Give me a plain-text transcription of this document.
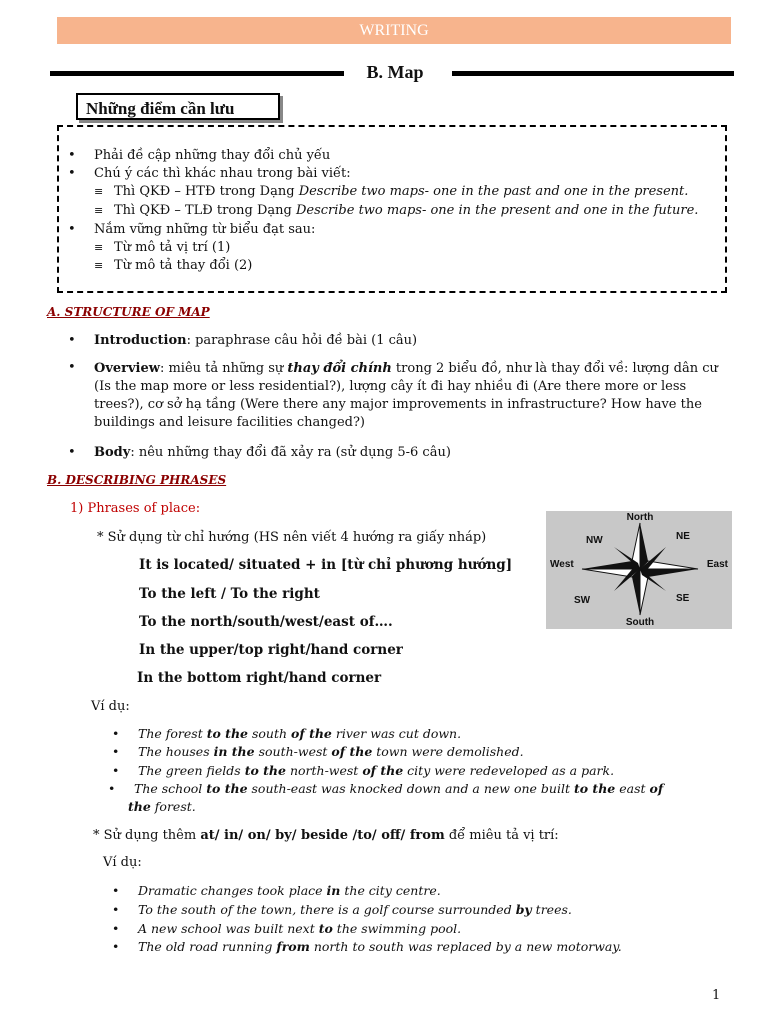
WRITING
B. Map
Những điểm cần lưu
• Phải đề cập những thay đổi chủ yếu
• Chú ý các thì khác nhau trong bài viết:
≡ Thì QKĐ – HTĐ trong Dạng Describe two maps- one in the past and one in the present.
≡ Thì QKĐ – TLĐ trong Dạng Describe two maps- one in the present and one in the future.
• Nắm vững những từ biểu đạt sau:
≡ Từ mô tả vị trí (1)
≡ Từ mô tả thay đổi (2)
A. STRUCTURE OF MAP
• Introduction: paraphrase câu hỏi đề bài (1 câu)
• Overview: miêu tả những sự thay đổi chính trong 2 biểu đồ, như là thay đổi về: lượng dân cư (Is the map more or less residential?), lượng cây ít đi hay nhiều đi (Are there more or less trees?), cơ sở hạ tầng (Were there any major improvements in infrastructure? How have the buildings and leisure facilities changed?)
• Body: nêu những thay đổi đã xảy ra (sử dụng 5-6 câu)
B. DESCRIBING PHRASES
1) Phrases of place:
* Sử dụng từ chỉ hướng (HS nên viết 4 hướng ra giấy nháp)
It is located/ situated + in [từ chỉ phương hướng]
To the left / To the right
To the north/south/west/east of….
In the upper/top right/hand corner
In the bottom right/hand corner
Ví dụ:
• The forest to the south of the river was cut down.
• The houses in the south-west of the town were demolished.
• The green fields to the north-west of the city were redeveloped as a park.
• The school to the south-east was knocked down and a new one built to the east of
the forest.
* Sử dụng thêm at/ in/ on/ by/ beside /to/ off/ from để miêu tả vị trí:
Ví dụ:
• Dramatic changes took place in the city centre.
• To the south of the town, there is a golf course surrounded by trees.
• A new school was built next to the swimming pool.
• The old road running from north to south was replaced by a new motorway.
North
South
West	East
NW	NE
SW	SE
1
